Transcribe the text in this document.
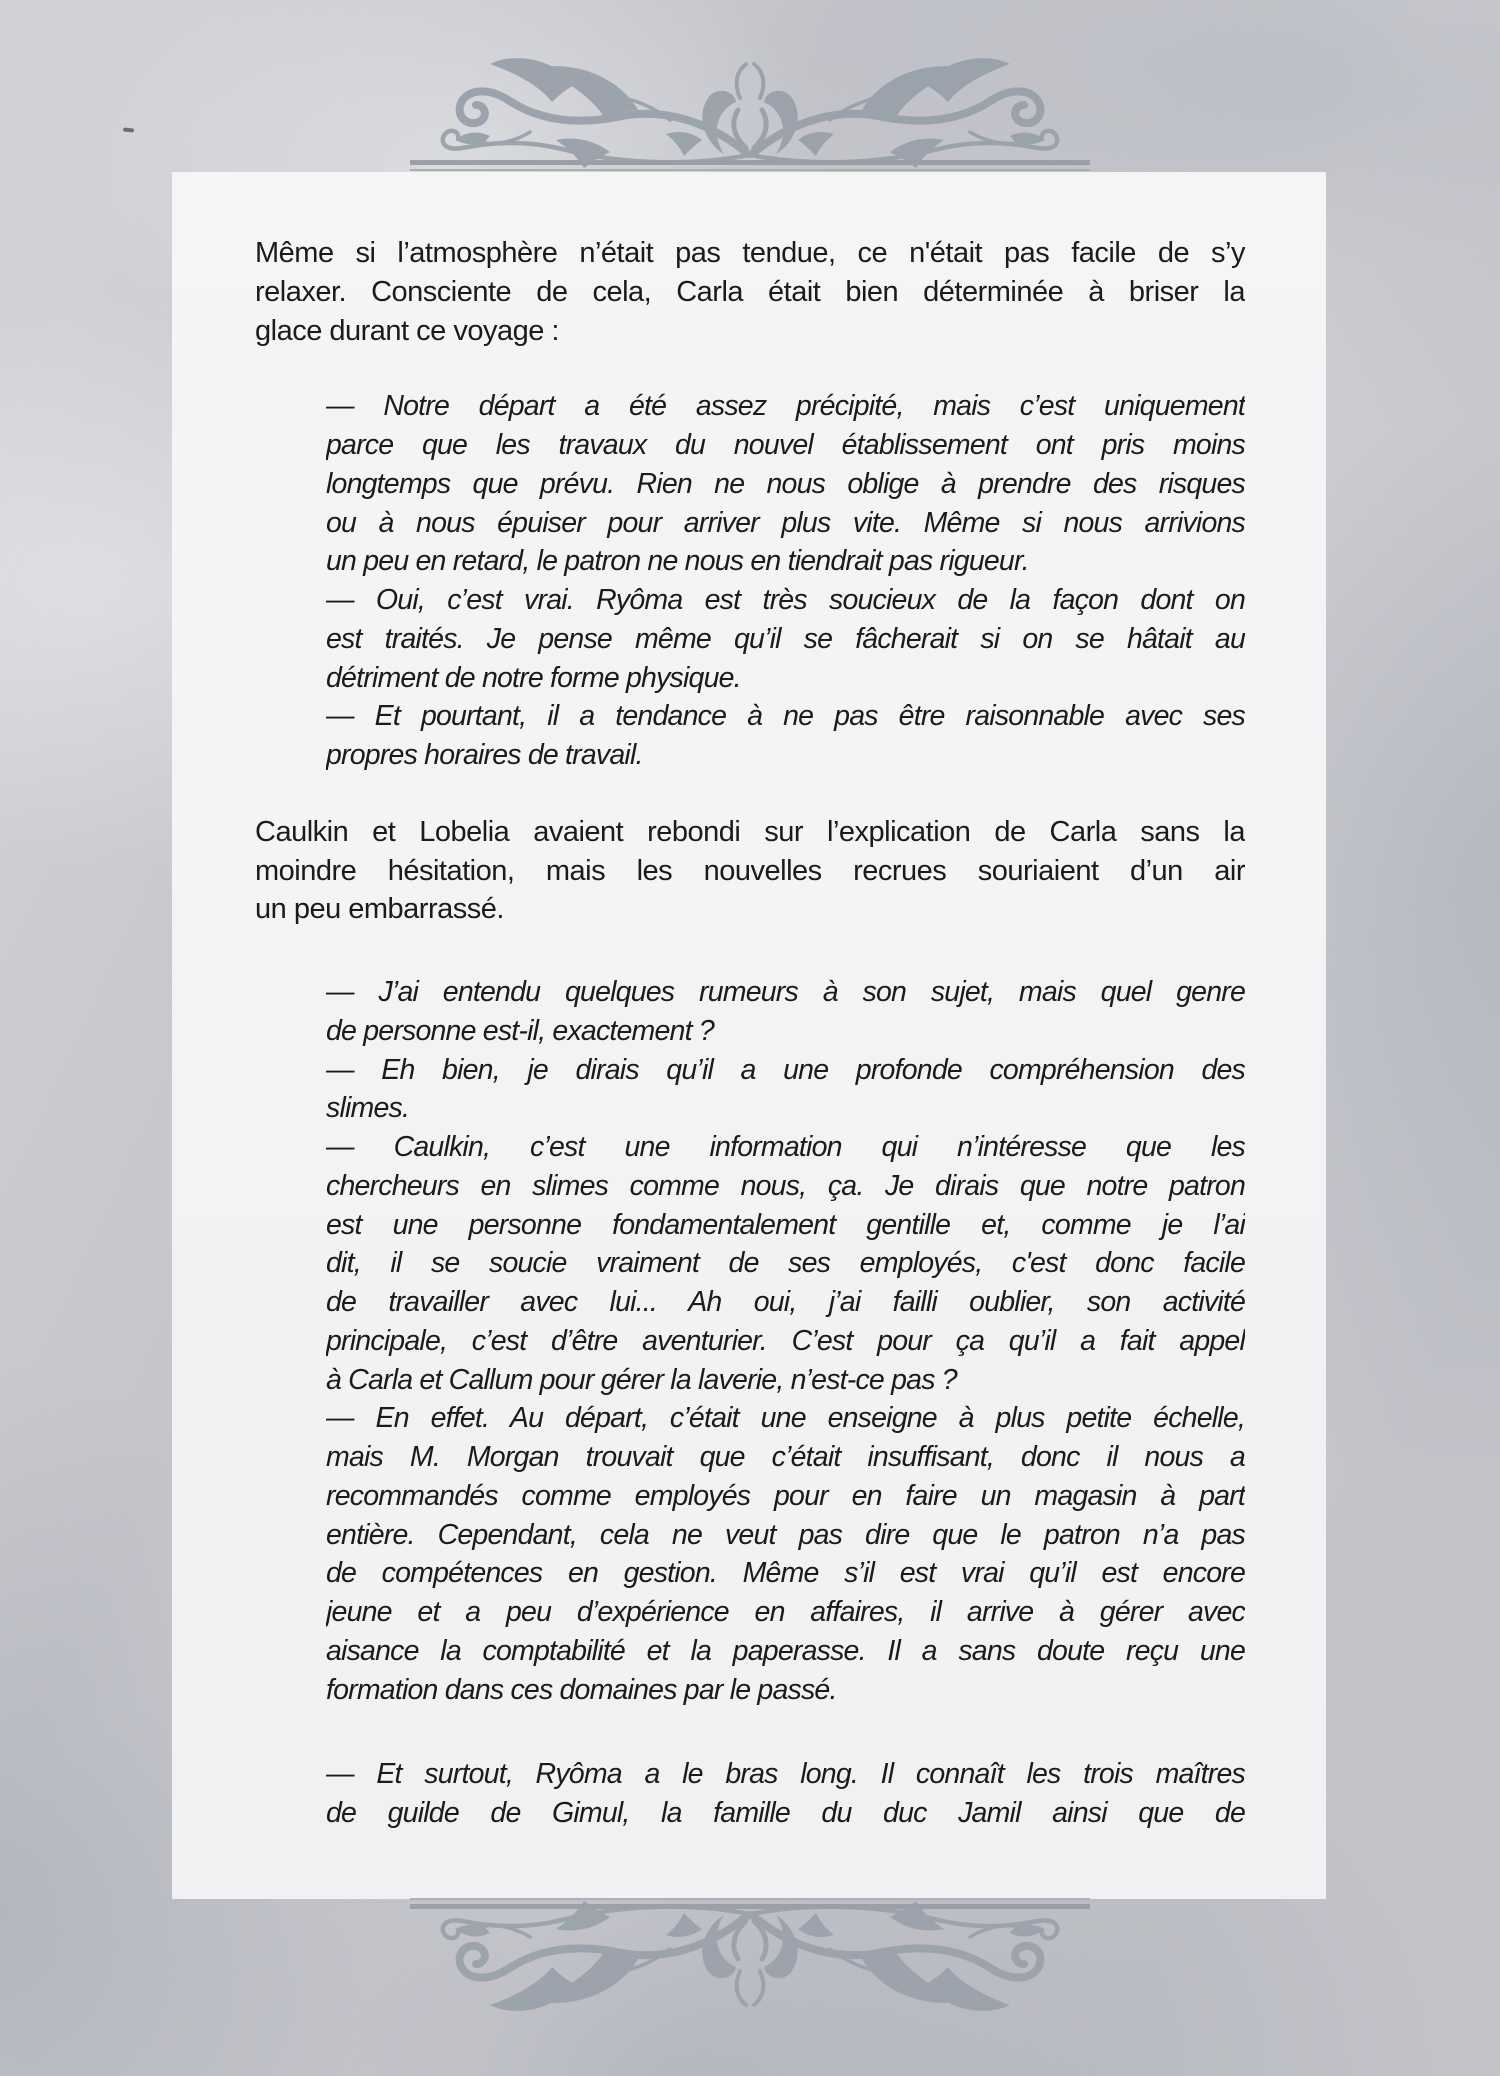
Même si l’atmosphère n’était pas tendue, ce n'était pas facile de s’y
relaxer. Consciente de cela, Carla était bien déterminée à briser la
glace durant ce voyage :

— Notre départ a été assez précipité, mais c’est uniquement
parce que les travaux du nouvel établissement ont pris moins
longtemps que prévu. Rien ne nous oblige à prendre des risques
ou à nous épuiser pour arriver plus vite. Même si nous arrivions
un peu en retard, le patron ne nous en tiendrait pas rigueur.

— Oui, c’est vrai. Ryôma est très soucieux de la façon dont on
est traités. Je pense même qu’il se fâcherait si on se hâtait au
détriment de notre forme physique.

— Et pourtant, il a tendance à ne pas être raisonnable avec ses
propres horaires de travail.

Caulkin et Lobelia avaient rebondi sur l’explication de Carla sans la
moindre hésitation, mais les nouvelles recrues souriaient d’un air
un peu embarrassé.

— J’ai entendu quelques rumeurs à son sujet, mais quel genre
de personne est-il, exactement ?

— Eh bien, je dirais qu’il a une profonde compréhension des
slimes.

— Caulkin, c’est une information qui n’intéresse que les
chercheurs en slimes comme nous, ça. Je dirais que notre patron
est une personne fondamentalement gentille et, comme je l’ai
dit, il se soucie vraiment de ses employés, c'est donc facile
de travailler avec lui... Ah oui, j’ai failli oublier, son activité
principale, c’est d’être aventurier. C’est pour ça qu’il a fait appel
à Carla et Callum pour gérer la laverie, n’est-ce pas ?

— En effet. Au départ, c’était une enseigne à plus petite échelle,
mais M. Morgan trouvait que c’était insuffisant, donc il nous a
recommandés comme employés pour en faire un magasin à part
entière. Cependant, cela ne veut pas dire que le patron n’a pas
de compétences en gestion. Même s’il est vrai qu’il est encore
jeune et a peu d’expérience en affaires, il arrive à gérer avec
aisance la comptabilité et la paperasse. Il a sans doute reçu une
formation dans ces domaines par le passé.

— Et surtout, Ryôma a le bras long. Il connaît les trois maîtres
de guilde de Gimul, la famille du duc Jamil ainsi que de
